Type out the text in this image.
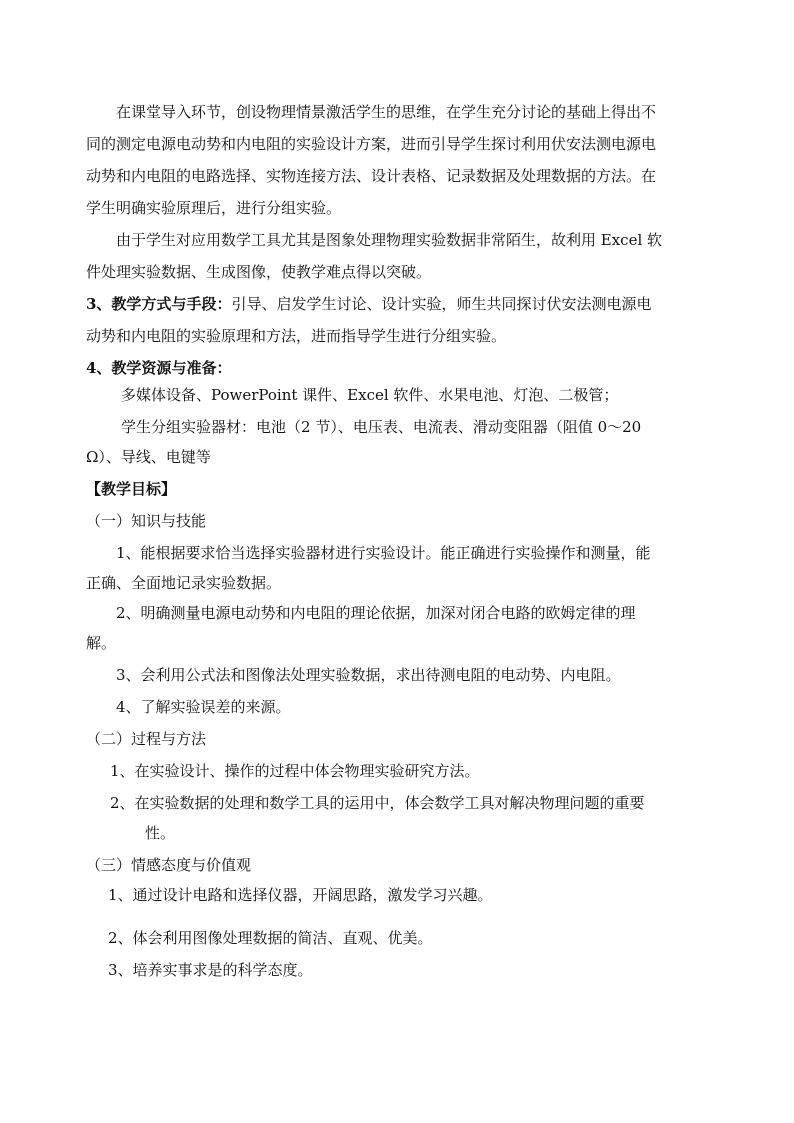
在课堂导入环节，创设物理情景激活学生的思维，在学生充分讨论的基础上得出不
同的测定电源电动势和内电阻的实验设计方案，进而引导学生探讨利用伏安法测电源电
动势和内电阻的电路选择、实物连接方法、设计表格、记录数据及处理数据的方法。在
学生明确实验原理后，进行分组实验。
由于学生对应用数学工具尤其是图象处理物理实验数据非常陌生，故利用 Excel 软
件处理实验数据、生成图像，使教学难点得以突破。
3、教学方式与手段：引导、启发学生讨论、设计实验，师生共同探讨伏安法测电源电
动势和内电阻的实验原理和方法，进而指导学生进行分组实验。
4、教学资源与准备：
多媒体设备、PowerPoint 课件、Excel 软件、水果电池、灯泡、二极管；
学生分组实验器材：电池（2 节）、电压表、电流表、滑动变阻器（阻值 0～20
Ω）、导线、电键等
【教学目标】
（一）知识与技能
1、能根据要求恰当选择实验器材进行实验设计。能正确进行实验操作和测量，能
正确、全面地记录实验数据。
2、明确测量电源电动势和内电阻的理论依据，加深对闭合电路的欧姆定律的理
解。
3、会利用公式法和图像法处理实验数据，求出待测电阻的电动势、内电阻。
4、了解实验误差的来源。
（二）过程与方法
1、在实验设计、操作的过程中体会物理实验研究方法。
2、在实验数据的处理和数学工具的运用中，体会数学工具对解决物理问题的重要
性。
（三）情感态度与价值观
1、通过设计电路和选择仪器，开阔思路，激发学习兴趣。
2、体会利用图像处理数据的简洁、直观、优美。
3、培养实事求是的科学态度。
